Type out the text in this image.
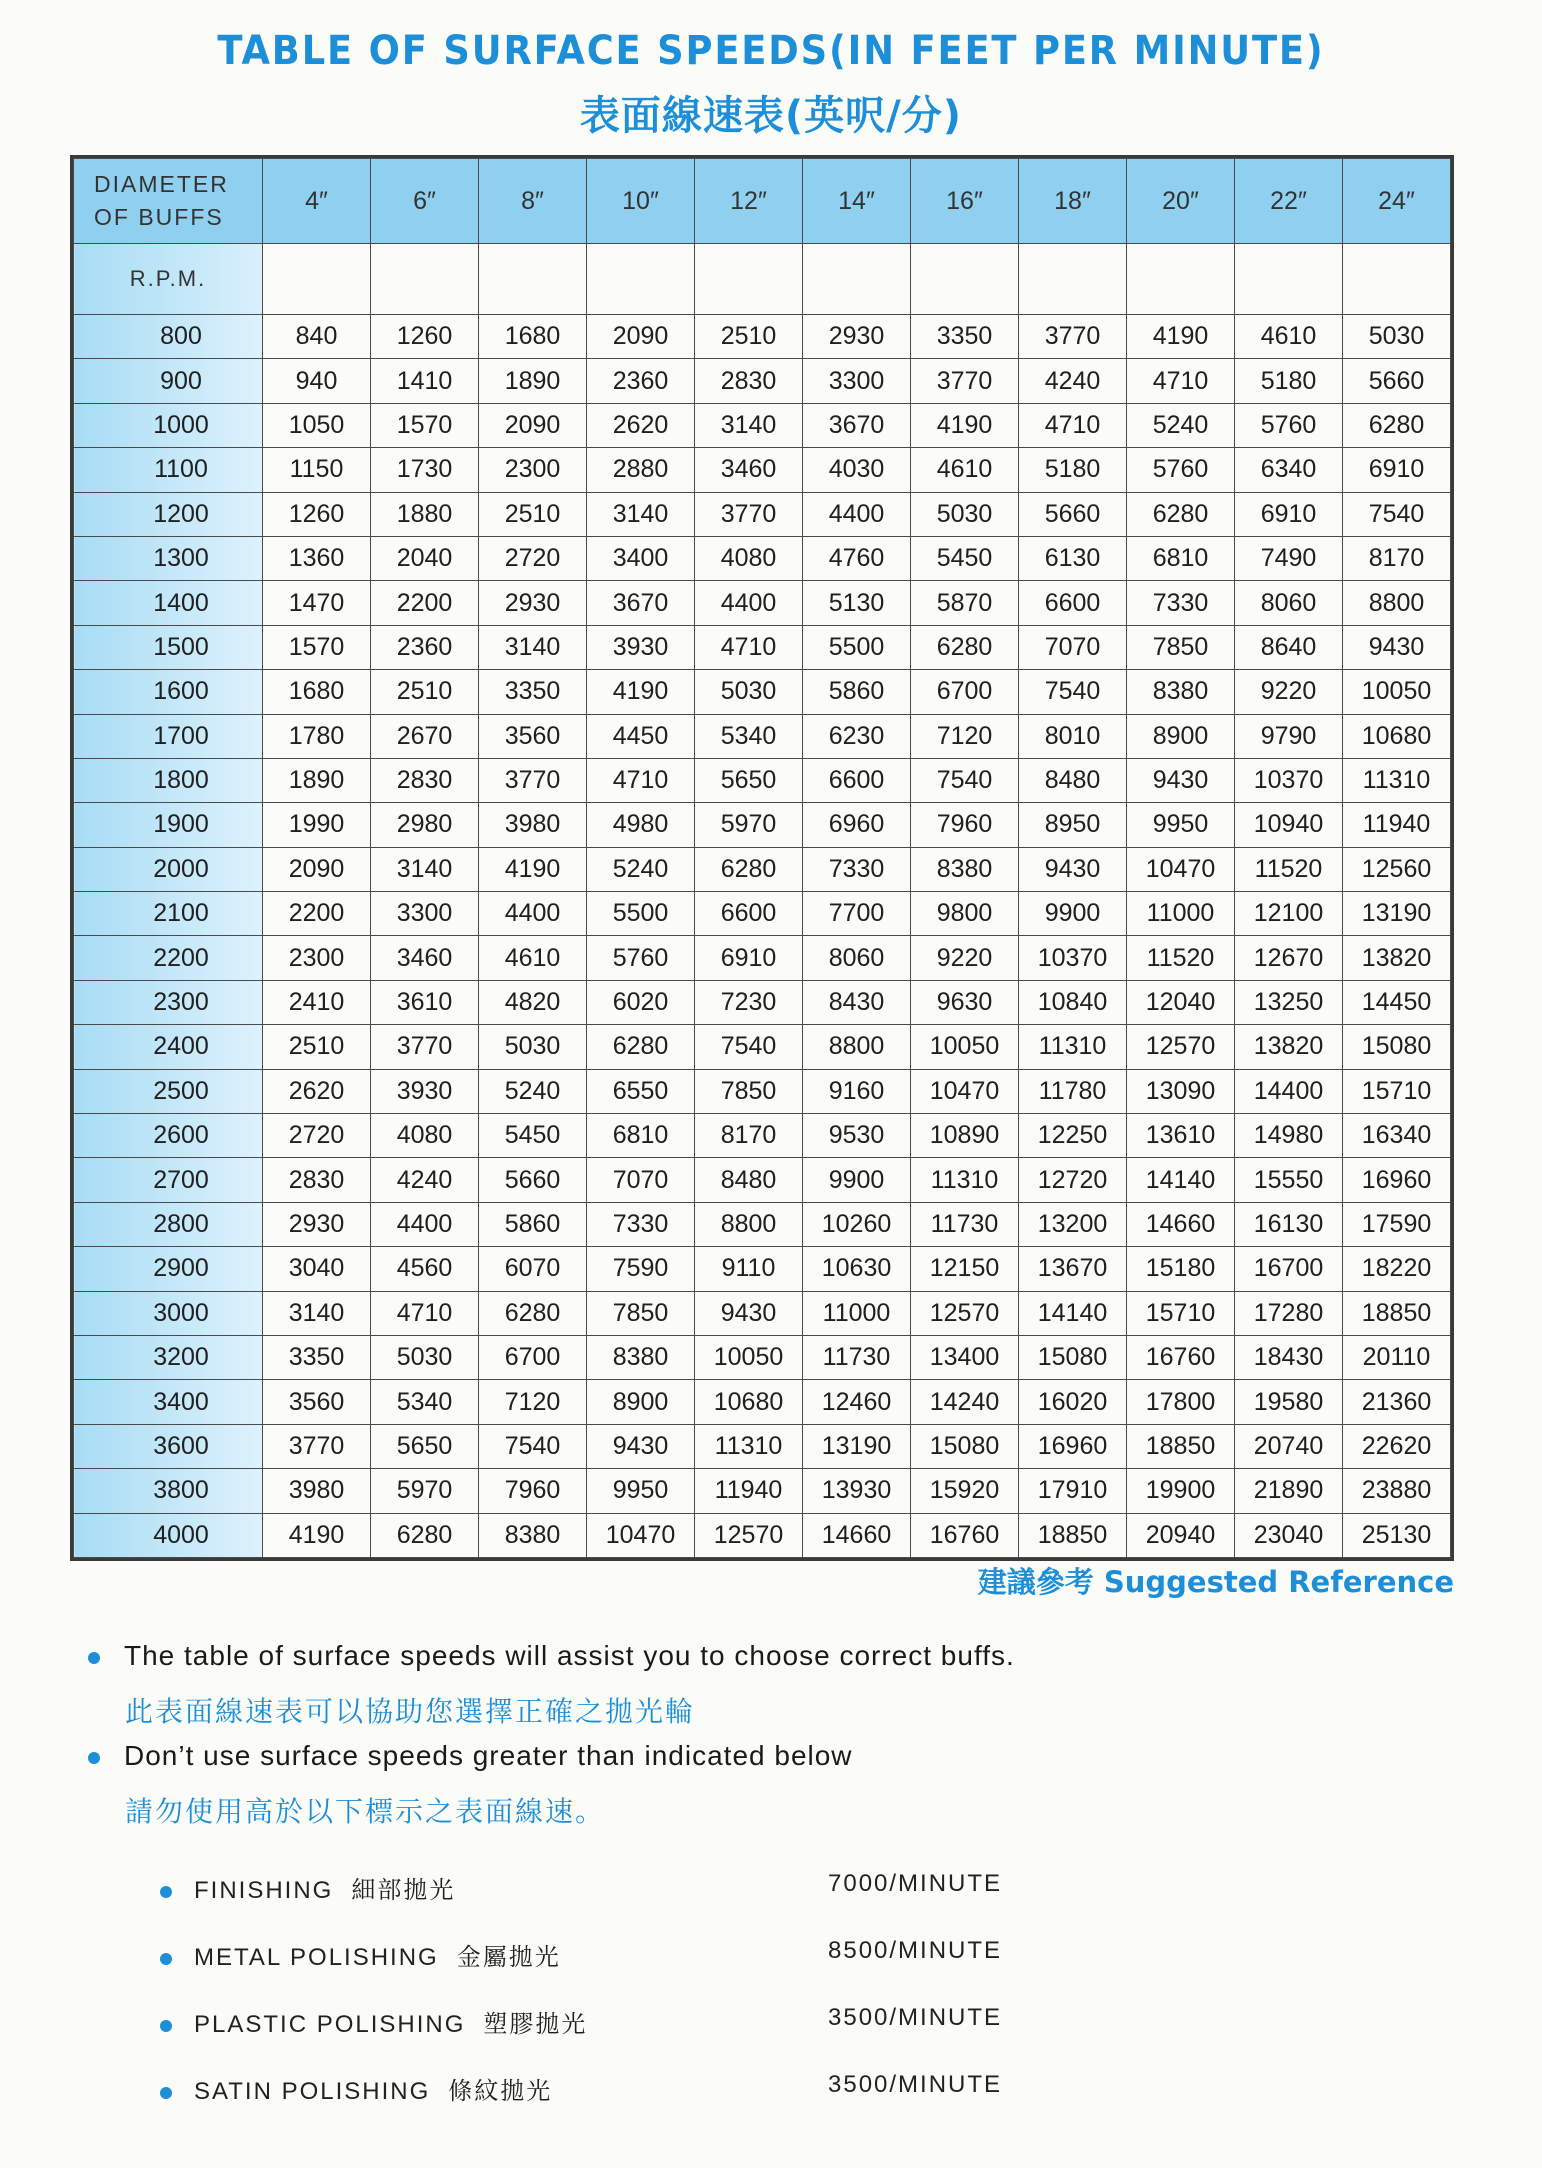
TABLE OF SURFACE SPEEDS(IN FEET PER MINUTE)
表面線速表(英呎/分)
DIAMETER
OF BUFFS	4″	6″	8″	10″	12″	14″	16″	18″	20″	22″	24″
R.P.M.											
800	840	1260	1680	2090	2510	2930	3350	3770	4190	4610	5030
900	940	1410	1890	2360	2830	3300	3770	4240	4710	5180	5660
1000	1050	1570	2090	2620	3140	3670	4190	4710	5240	5760	6280
1100	1150	1730	2300	2880	3460	4030	4610	5180	5760	6340	6910
1200	1260	1880	2510	3140	3770	4400	5030	5660	6280	6910	7540
1300	1360	2040	2720	3400	4080	4760	5450	6130	6810	7490	8170
1400	1470	2200	2930	3670	4400	5130	5870	6600	7330	8060	8800
1500	1570	2360	3140	3930	4710	5500	6280	7070	7850	8640	9430
1600	1680	2510	3350	4190	5030	5860	6700	7540	8380	9220	10050
1700	1780	2670	3560	4450	5340	6230	7120	8010	8900	9790	10680
1800	1890	2830	3770	4710	5650	6600	7540	8480	9430	10370	11310
1900	1990	2980	3980	4980	5970	6960	7960	8950	9950	10940	11940
2000	2090	3140	4190	5240	6280	7330	8380	9430	10470	11520	12560
2100	2200	3300	4400	5500	6600	7700	9800	9900	11000	12100	13190
2200	2300	3460	4610	5760	6910	8060	9220	10370	11520	12670	13820
2300	2410	3610	4820	6020	7230	8430	9630	10840	12040	13250	14450
2400	2510	3770	5030	6280	7540	8800	10050	11310	12570	13820	15080
2500	2620	3930	5240	6550	7850	9160	10470	11780	13090	14400	15710
2600	2720	4080	5450	6810	8170	9530	10890	12250	13610	14980	16340
2700	2830	4240	5660	7070	8480	9900	11310	12720	14140	15550	16960
2800	2930	4400	5860	7330	8800	10260	11730	13200	14660	16130	17590
2900	3040	4560	6070	7590	9110	10630	12150	13670	15180	16700	18220
3000	3140	4710	6280	7850	9430	11000	12570	14140	15710	17280	18850
3200	3350	5030	6700	8380	10050	11730	13400	15080	16760	18430	20110
3400	3560	5340	7120	8900	10680	12460	14240	16020	17800	19580	21360
3600	3770	5650	7540	9430	11310	13190	15080	16960	18850	20740	22620
3800	3980	5970	7960	9950	11940	13930	15920	17910	19900	21890	23880
4000	4190	6280	8380	10470	12570	14660	16760	18850	20940	23040	25130
建議參考 Suggested Reference
The table of surface speeds will assist you to choose correct buffs.
此表面線速表可以協助您選擇正確之拋光輪
Don’t use surface speeds greater than indicated below
請勿使用高於以下標示之表面線速。
FINISHING 細部拋光	7000/MINUTE
METAL POLISHING 金屬拋光	8500/MINUTE
PLASTIC POLISHING 塑膠拋光	3500/MINUTE
SATIN POLISHING 條紋拋光	3500/MINUTE
